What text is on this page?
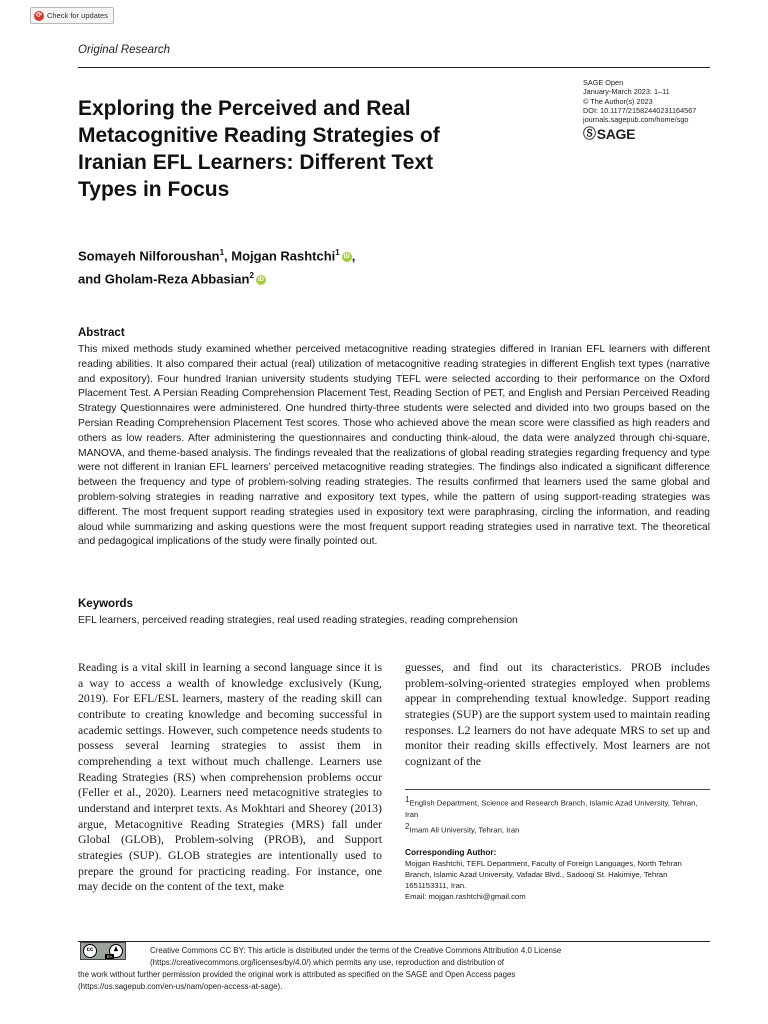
⟳ Check for updates
Original Research
Exploring the Perceived and Real Metacognitive Reading Strategies of Iranian EFL Learners: Different Text Types in Focus
SAGE Open
January-March 2023: 1–11
© The Author(s) 2023
DOI: 10.1177/21582440231164567
journals.sagepub.com/home/sgo
Ⓢ SAGE
Somayeh Nilforoushan$^1$, Mojgan Rashtchi$^1$ iD ,
and Gholam-Reza Abbasian$^2$ iD
Abstract

This mixed methods study examined whether perceived metacognitive reading strategies differed in Iranian EFL learners with different reading abilities. It also compared their actual (real) utilization of metacognitive reading strategies in different English text types (narrative and expository). Four hundred Iranian university students studying TEFL were selected according to their performance on the Oxford Placement Test. A Persian Reading Comprehension Placement Test, Reading Section of PET, and English and Persian Perceived Reading Strategy Questionnaires were administered. One hundred thirty-three students were selected and divided into two groups based on the Persian Reading Comprehension Placement Test scores. Those who achieved above the mean score were classified as high readers and others as low readers. After administering the questionnaires and conducting think-aloud, the data were analyzed through chi-square, MANOVA, and theme-based analysis. The findings revealed that the realizations of global reading strategies regarding frequency and type were not different in Iranian EFL learners’ perceived metacognitive reading strategies. The findings also indicated a significant difference between the frequency and type of problem-solving reading strategies. The results confirmed that learners used the same global and problem-solving strategies in reading narrative and expository text types, while the pattern of using support-reading strategies was different. The most frequent support reading strategies used in expository text were paraphrasing, circling the information, and reading aloud while summarizing and asking questions were the most frequent support reading strategies used in narrative text. The theoretical and pedagogical implications of the study were finally pointed out.

Keywords
EFL learners, perceived reading strategies, real used reading strategies, reading comprehension

Reading is a vital skill in learning a second language since it is a way to access a wealth of knowledge exclusively (Kung, 2019). For EFL/ESL learners, mastery of the reading skill can contribute to creating knowledge and becoming successful in academic settings. However, such competence needs students to possess several learning strategies to assist them in comprehending a text without much challenge. Learners use Reading Strategies (RS) when comprehension problems occur (Feller et al., 2020). Learners need metacognitive strategies to understand and interpret texts. As Mokhtari and Sheorey (2013) argue, Metacognitive Reading Strategies (MRS) fall under Global (GLOB), Problem-solving (PROB), and Support strategies (SUP). GLOB strategies are intentionally used to prepare the ground for practicing reading. For instance, one may decide on the content of the text, make

guesses, and find out its characteristics. PROB includes problem-solving-oriented strategies employed when problems appear in comprehending textual knowledge. Support reading strategies (SUP) are the support system used to maintain reading responses. L2 learners do not have adequate MRS to set up and monitor their reading skills effectively. Most learners are not cognizant of the

$^1$English Department, Science and Research Branch, Islamic Azad University, Tehran, Iran
$^2$Imam Ali University, Tehran, Iran
Corresponding Author:
Mojgan Rashtchi, TEFL Department, Faculty of Foreign Languages, North Tehran Branch, Islamic Azad University, Vafadar Blvd., Sadooqi St. Hakimiye, Tehran 1651153311, Iran.
Email: mojgan.rashtchi@gmail.com
Creative Commons CC BY: This article is distributed under the terms of the Creative Commons Attribution 4.0 License
(https://creativecommons.org/licenses/by/4.0/) which permits any use, reproduction and distribution of
the work without further permission provided the original work is attributed as specified on the SAGE and Open Access pages
(https://us.sagepub.com/en-us/nam/open-access-at-sage).
cc	♟
BY
